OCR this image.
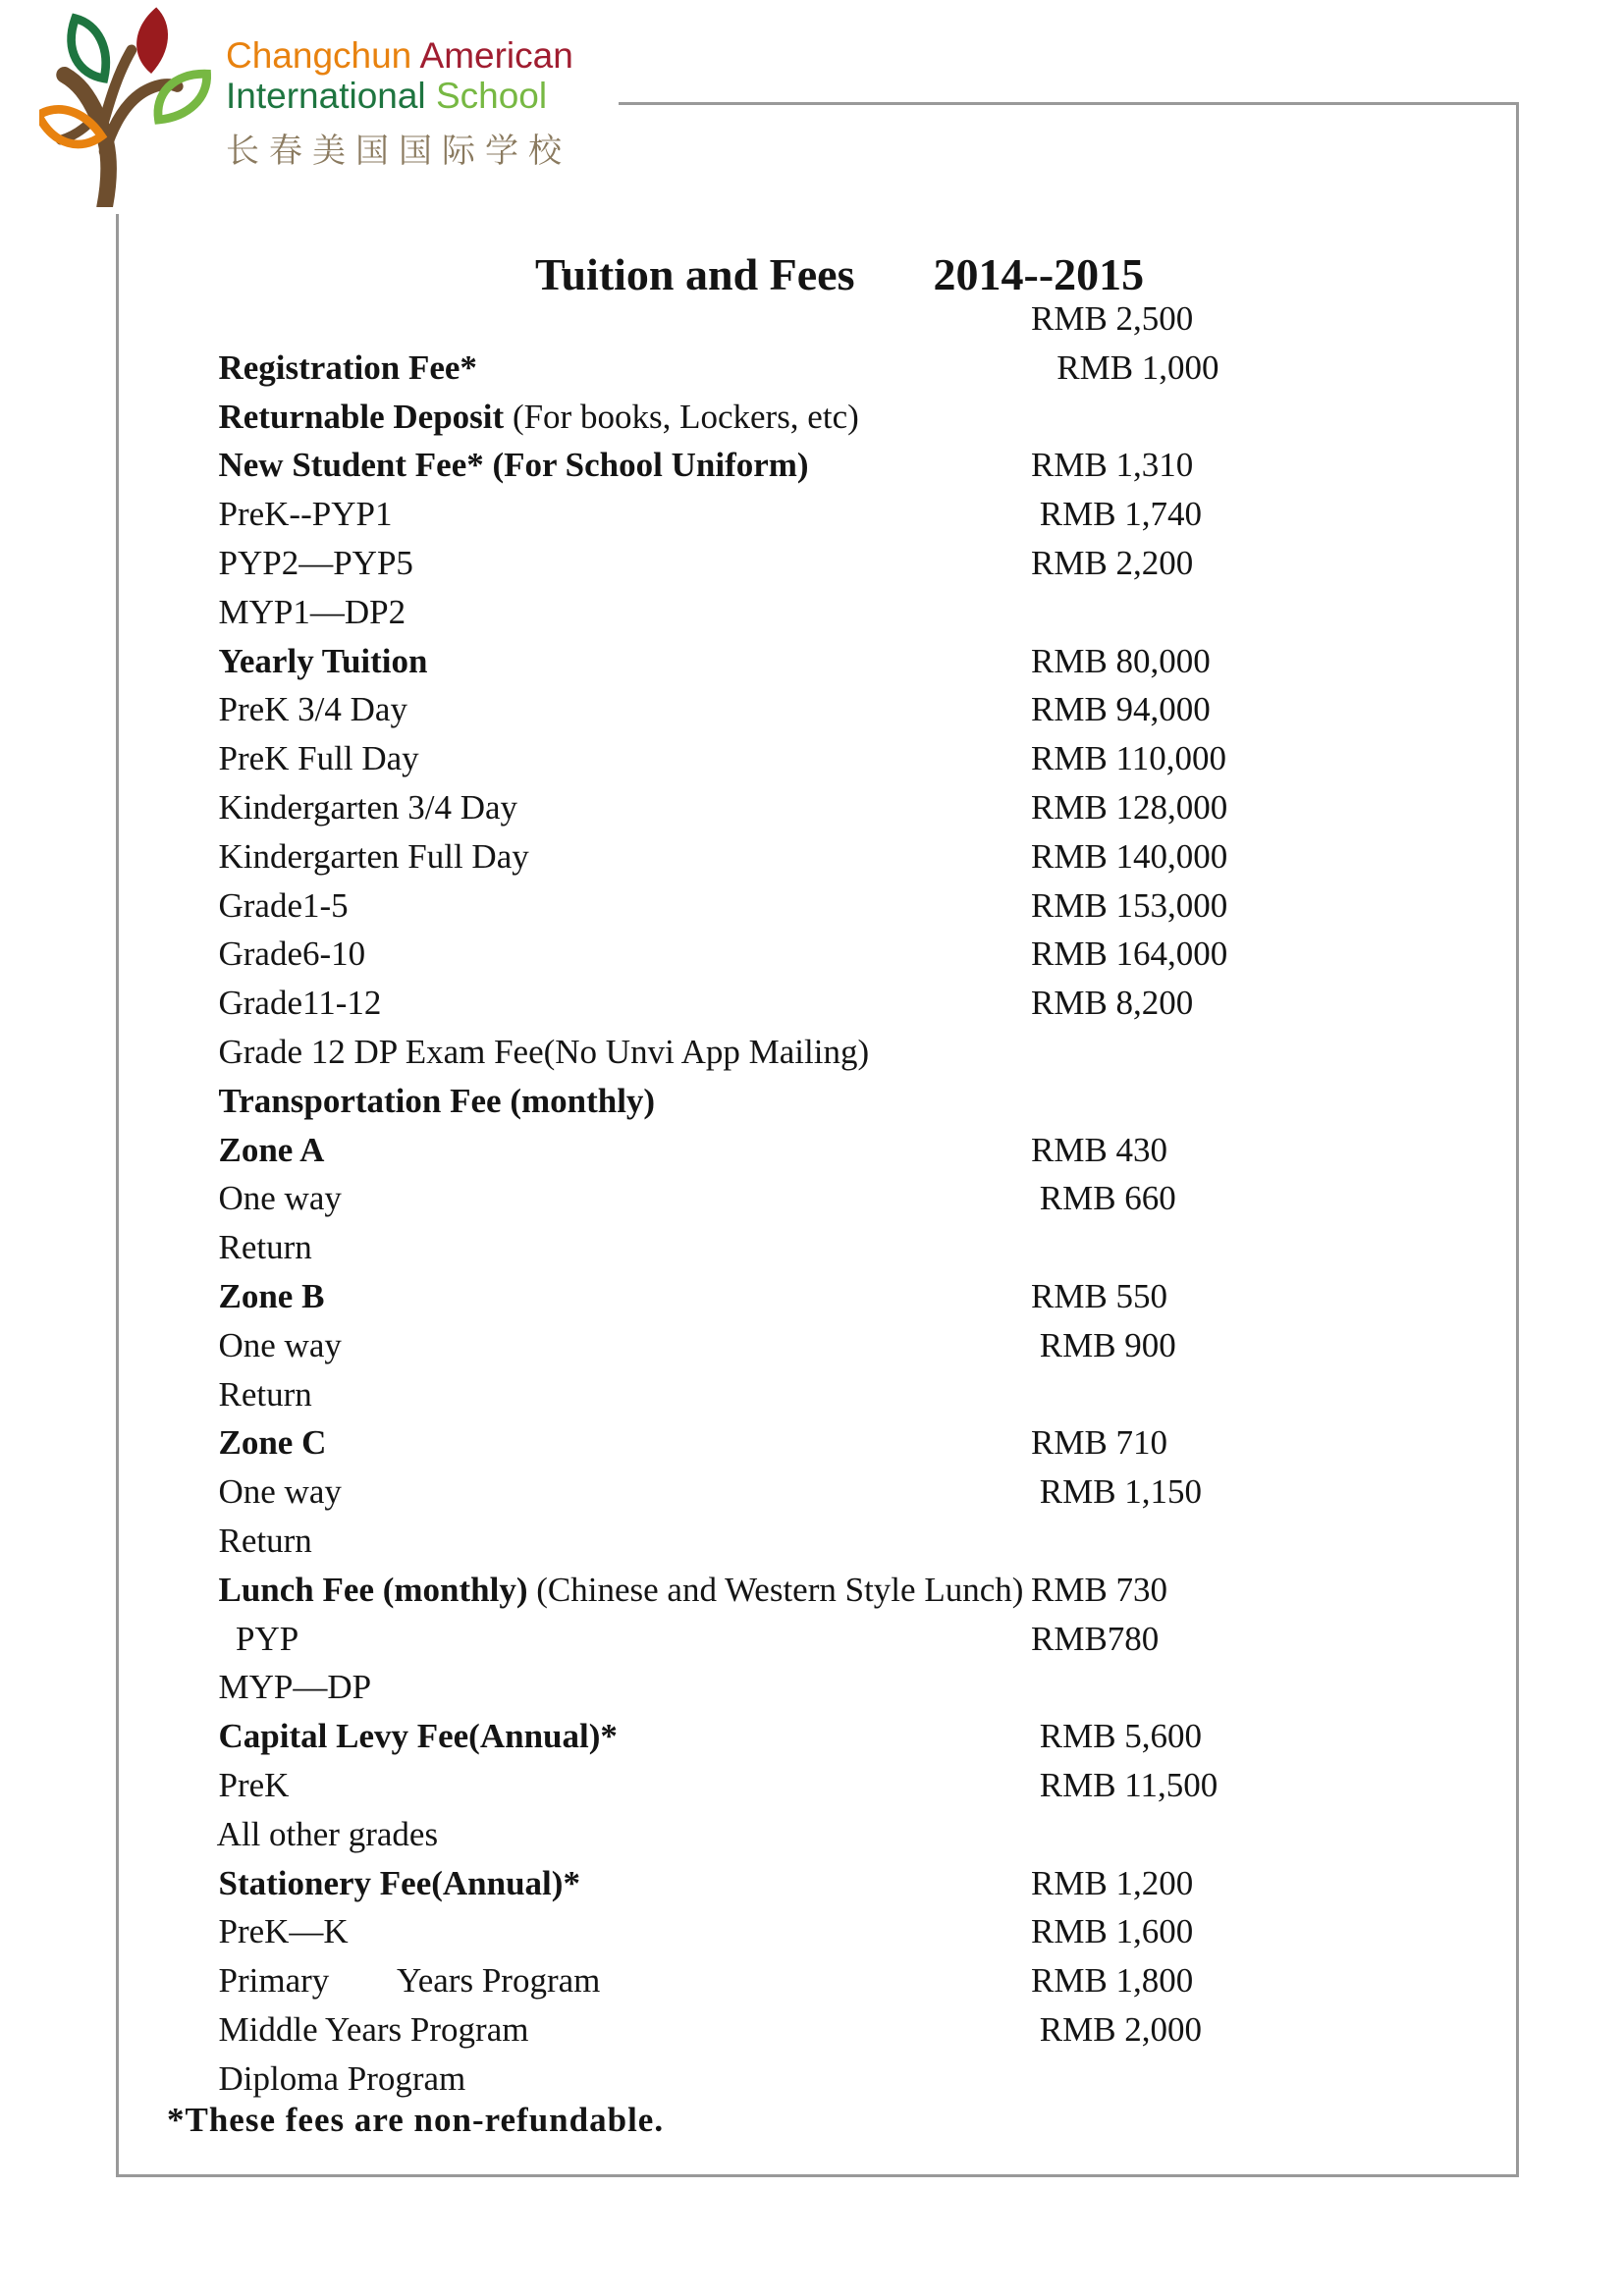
Changchun American
International School
长春美国国际学校

Tuition and Fees 2014--2015

Registration Fee*

RMB 2,500

Returnable Deposit (For books, Lockers, etc)

RMB 1,000

New Student Fee* (For School Uniform)

PreK--PYP1

RMB 1,310

PYP2—PYP5

RMB 1,740

MYP1—DP2

RMB 2,200

Yearly Tuition

PreK 3/4 Day

RMB 80,000

PreK Full Day

RMB 94,000

Kindergarten 3/4 Day

RMB 110,000

Kindergarten Full Day

RMB 128,000

Grade1-5

RMB 140,000

Grade6-10

RMB 153,000

Grade11-12

RMB 164,000

Grade 12 DP Exam Fee(No Unvi App Mailing)

RMB 8,200

Transportation Fee (monthly)

Zone A

One way

RMB 430

Return

RMB 660

Zone B

One way

RMB 550

Return

RMB 900

Zone C

One way

RMB 710

Return

RMB 1,150

Lunch Fee (monthly) (Chinese and Western Style Lunch)

PYP

RMB 730

MYP—DP

RMB780

Capital Levy Fee(Annual)*

PreK

RMB 5,600

All other grades

RMB 11,500

Stationery Fee(Annual)*

PreK—K

RMB 1,200

Primary        Years Program

RMB 1,600

Middle Years Program

RMB 1,800

Diploma Program

RMB 2,000

*These fees are non-refundable.
